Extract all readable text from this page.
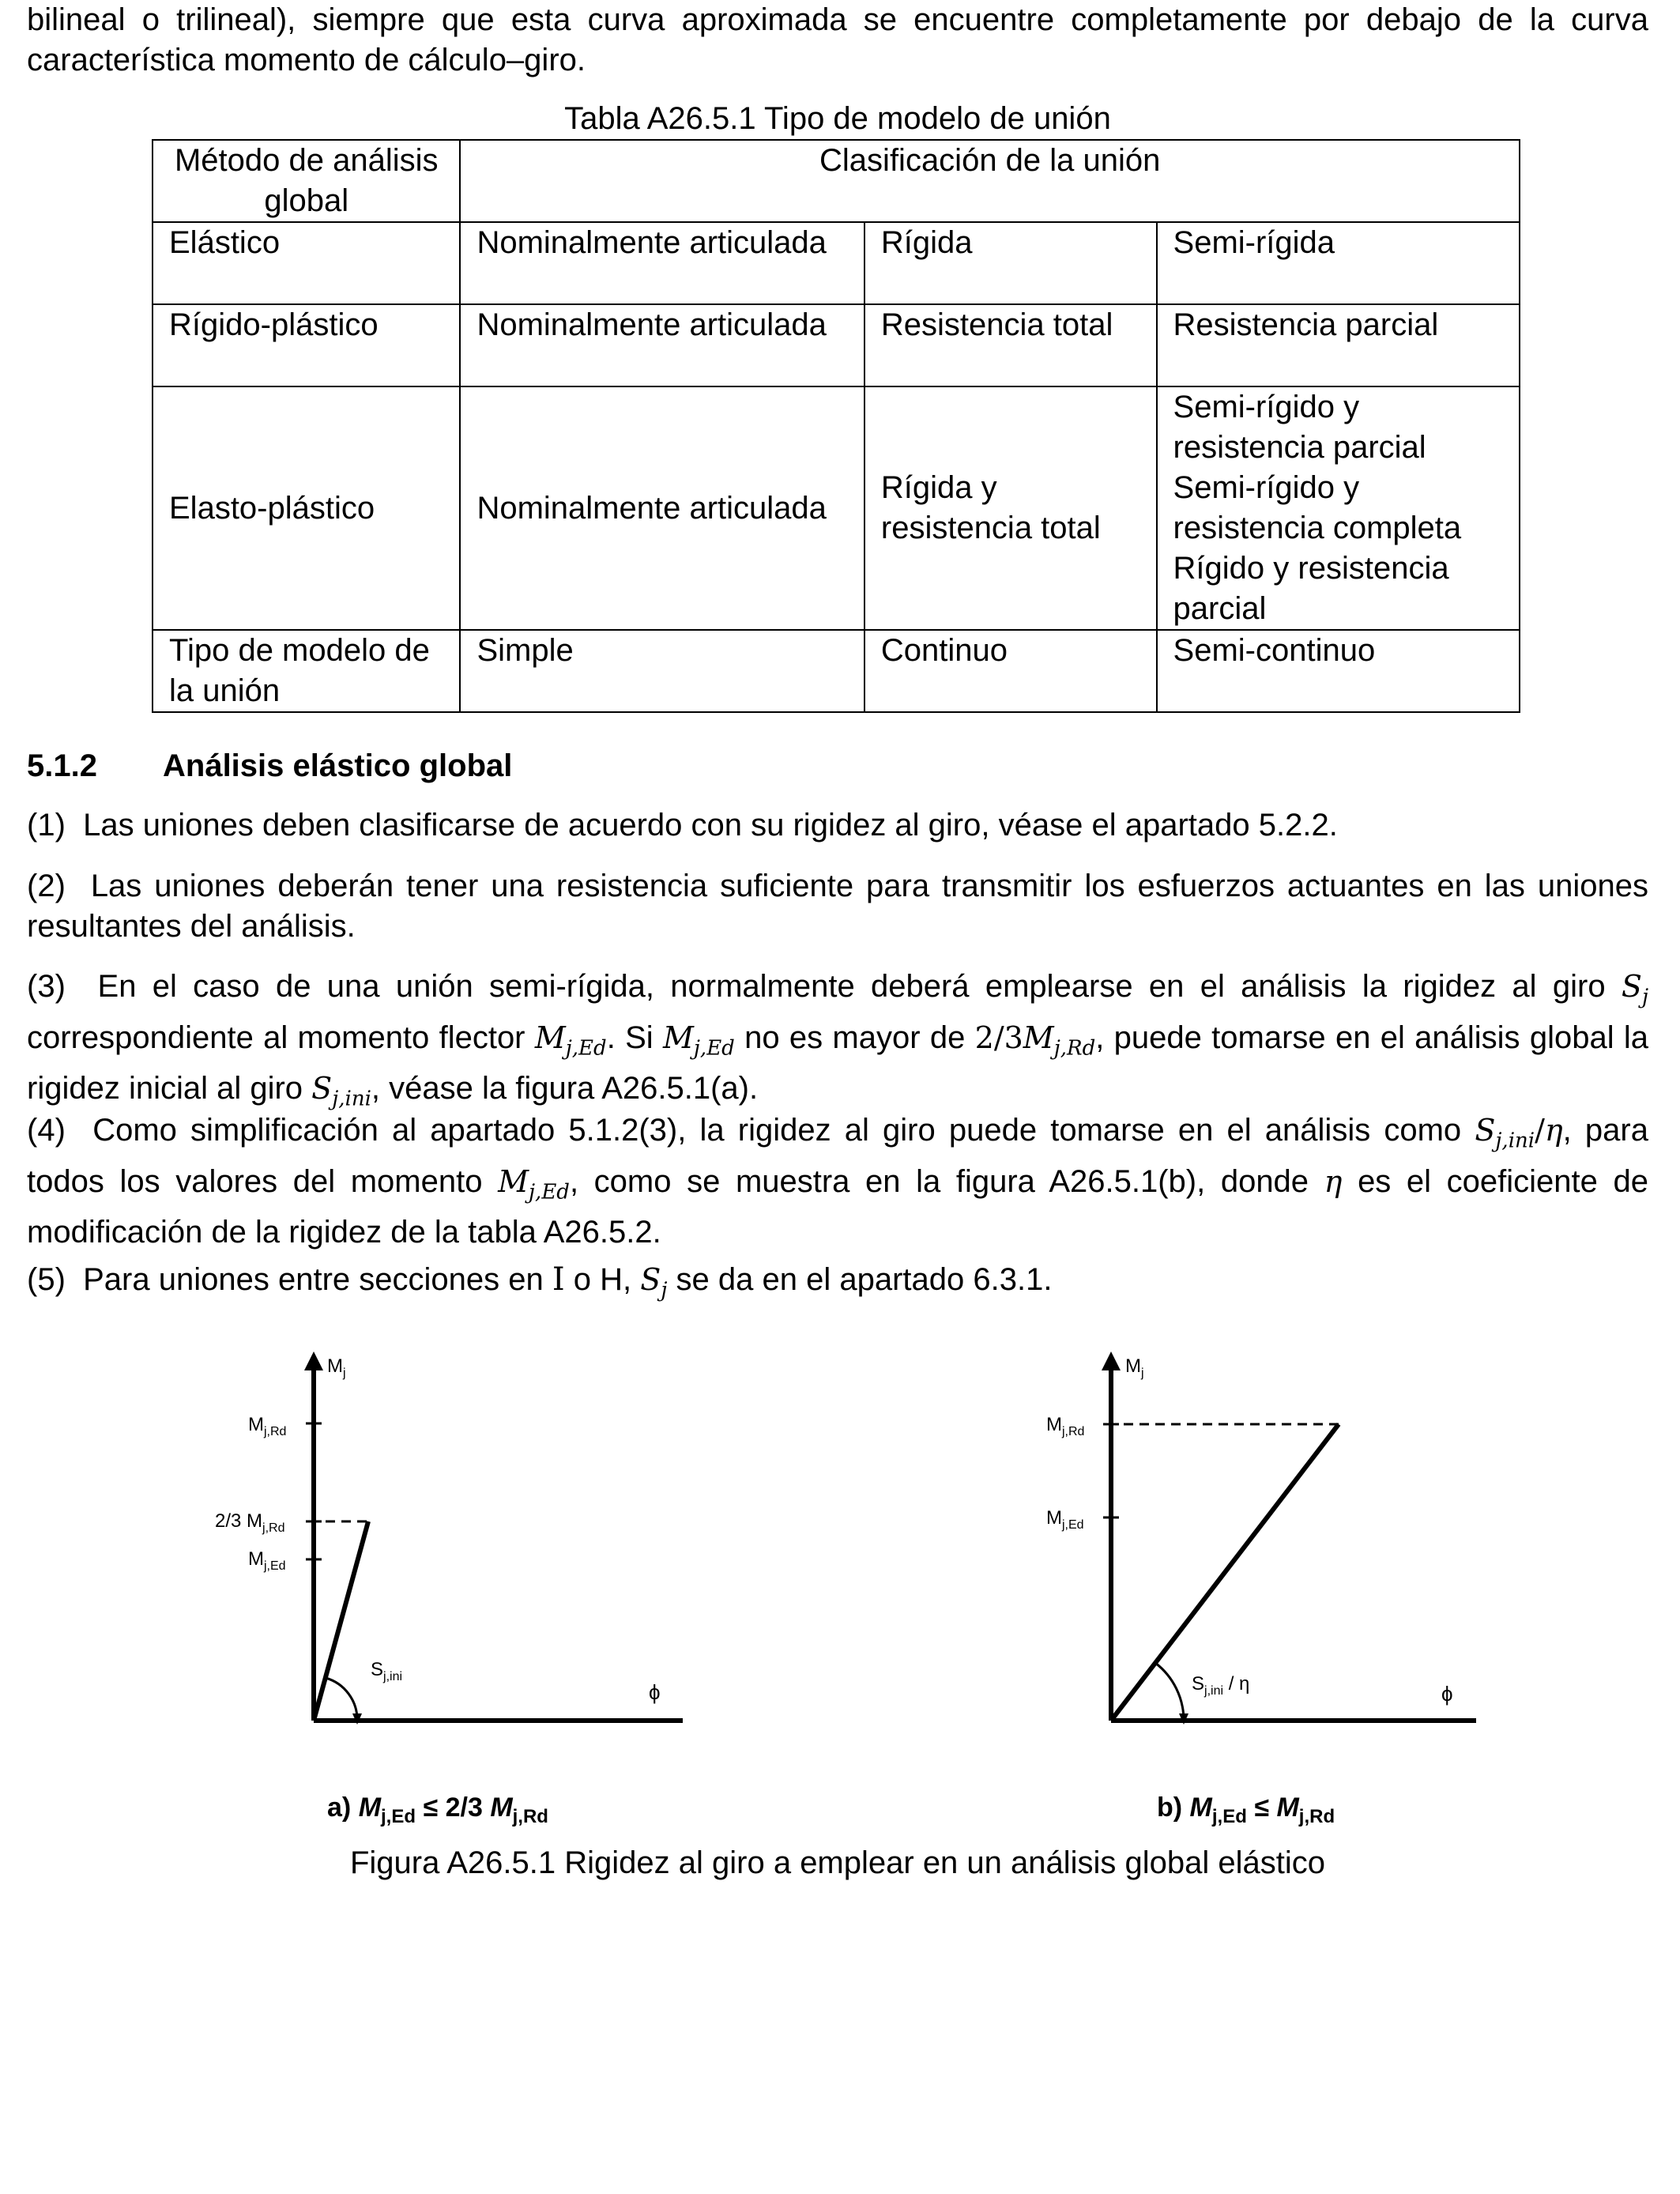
bilineal o trilineal), siempre que esta curva aproximada se encuentre completamente por debajo de la curva característica momento de cálculo–giro.

Tabla A26.5.1 Tipo de modelo de unión
Método de análisis global	Clasificación de la unión		
Elástico	Nominalmente articulada	Rígida	Semi-rígida
Rígido-plástico	Nominalmente articulada	Resistencia total	Resistencia parcial
Elasto-plástico	Nominalmente articulada	Rígida y resistencia total	Semi-rígido y resistencia parcial
Semi-rígido y resistencia completa
Rígido y resistencia parcial

Tipo de modelo de la unión	Simple	Continuo	Semi-continuo
5.1.2 Análisis elástico global

(1) Las uniones deben clasificarse de acuerdo con su rigidez al giro, véase el apartado 5.2.2.

(2) Las uniones deberán tener una resistencia suficiente para transmitir los esfuerzos actuantes en las uniones resultantes del análisis.

(3) En el caso de una unión semi-rígida, normalmente deberá emplearse en el análisis la rigidez al giro $S_j$ correspondiente al momento flector $M_{j,Ed}$. Si $M_{j,Ed}$ no es mayor de $2/3M_{j,Rd}$, puede tomarse en el análisis global la rigidez inicial al giro $S_{j,ini}$, véase la figura A26.5.1(a).

(4) Como simplificación al apartado 5.1.2(3), la rigidez al giro puede tomarse en el análisis como $S_{j,ini}/\eta$, para todos los valores del momento $M_{j,Ed}$, como se muestra en la figura A26.5.1(b), donde η es el coeficiente de modificación de la rigidez de la tabla A26.5.2.

(5) Para uniones entre secciones en I o H, $S_j$ se da en el apartado 6.3.1.

$M_j$
$M_{j,Rd}$
2/3 $M_{j,Rd}$
$M_{j,Ed}$
$S_{j,ini}$
ϕ
a) $M_{j,Ed} \le 2/3$ $M_{j,Rd}$
$M_j$
$M_{j,Rd}$
$M_{j,Ed}$
$S_{j,ini}$ / η	ϕ
b) $M_{j,Ed} \le M_{j,Rd}$
Figura A26.5.1 Rigidez al giro a emplear en un análisis global elástico
